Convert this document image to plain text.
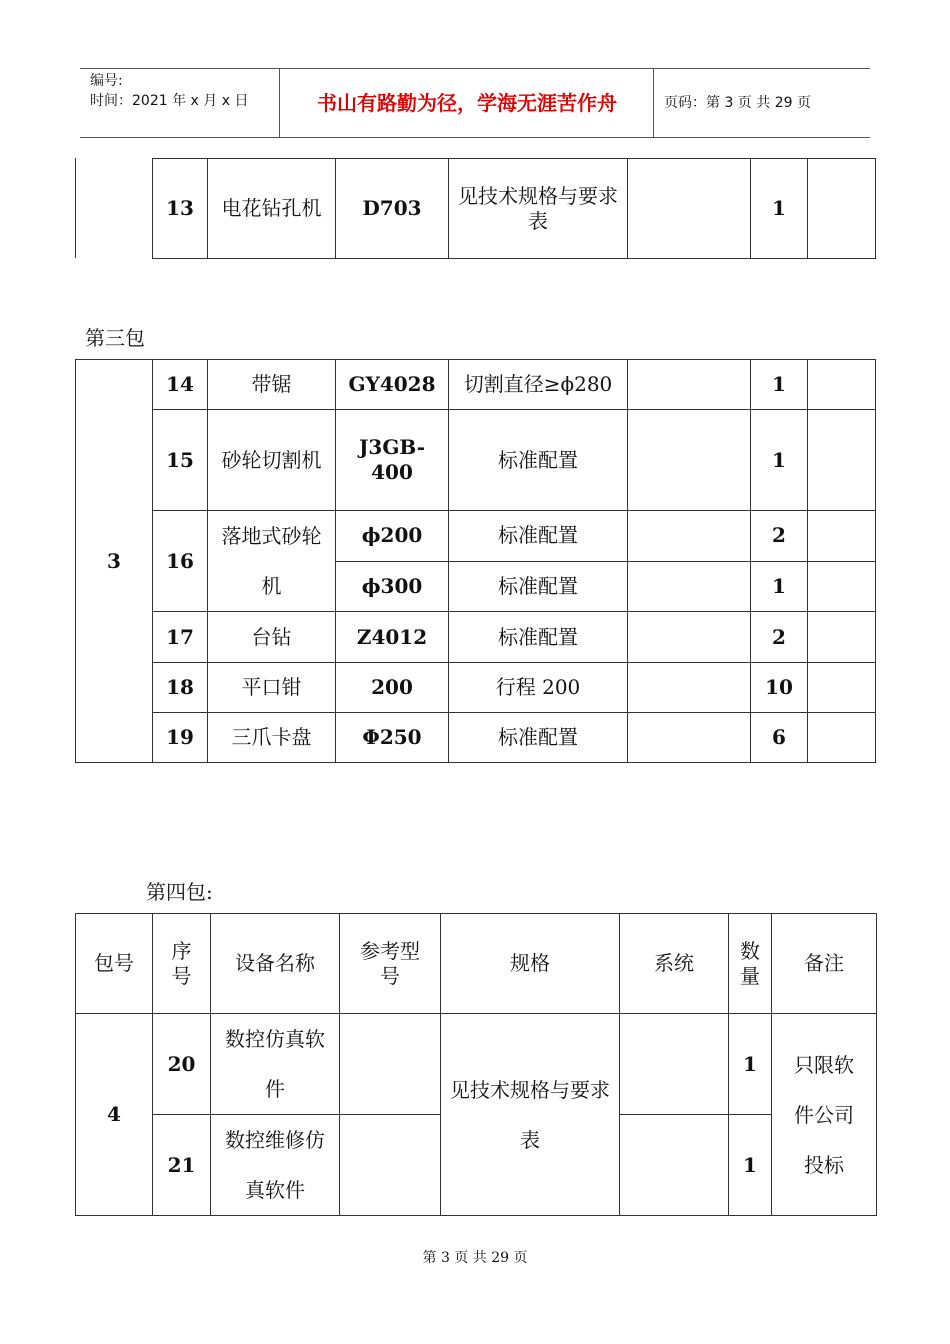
编号:
时间：2021 年 x 月 x 日	书山有路勤为径，学海无涯苦作舟	页码：第 3 页 共 29 页
13	电花钻孔机	D703	见技术规格与要求表		1	
第三包
3	14	带锯	GY4028	切割直径≥ϕ280		1	
	15	砂轮切割机	J3GB-400	标准配置		1	
	16	落地式砂轮机	ϕ200	标准配置		2	
			ϕ300	标准配置		1	
	17	台钻	Z4012	标准配置		2	
	18	平口钳	200	行程 200		10	
	19	三爪卡盘	Φ250	标准配置		6	
第四包:
包号	序号	设备名称	参考型号	规格	系统	数量	备注
4	20	数控仿真软件		见技术规格与要求表		1	只限软件公司投标
	21	数控维修仿真软件				1	
第 3 页 共 29 页
